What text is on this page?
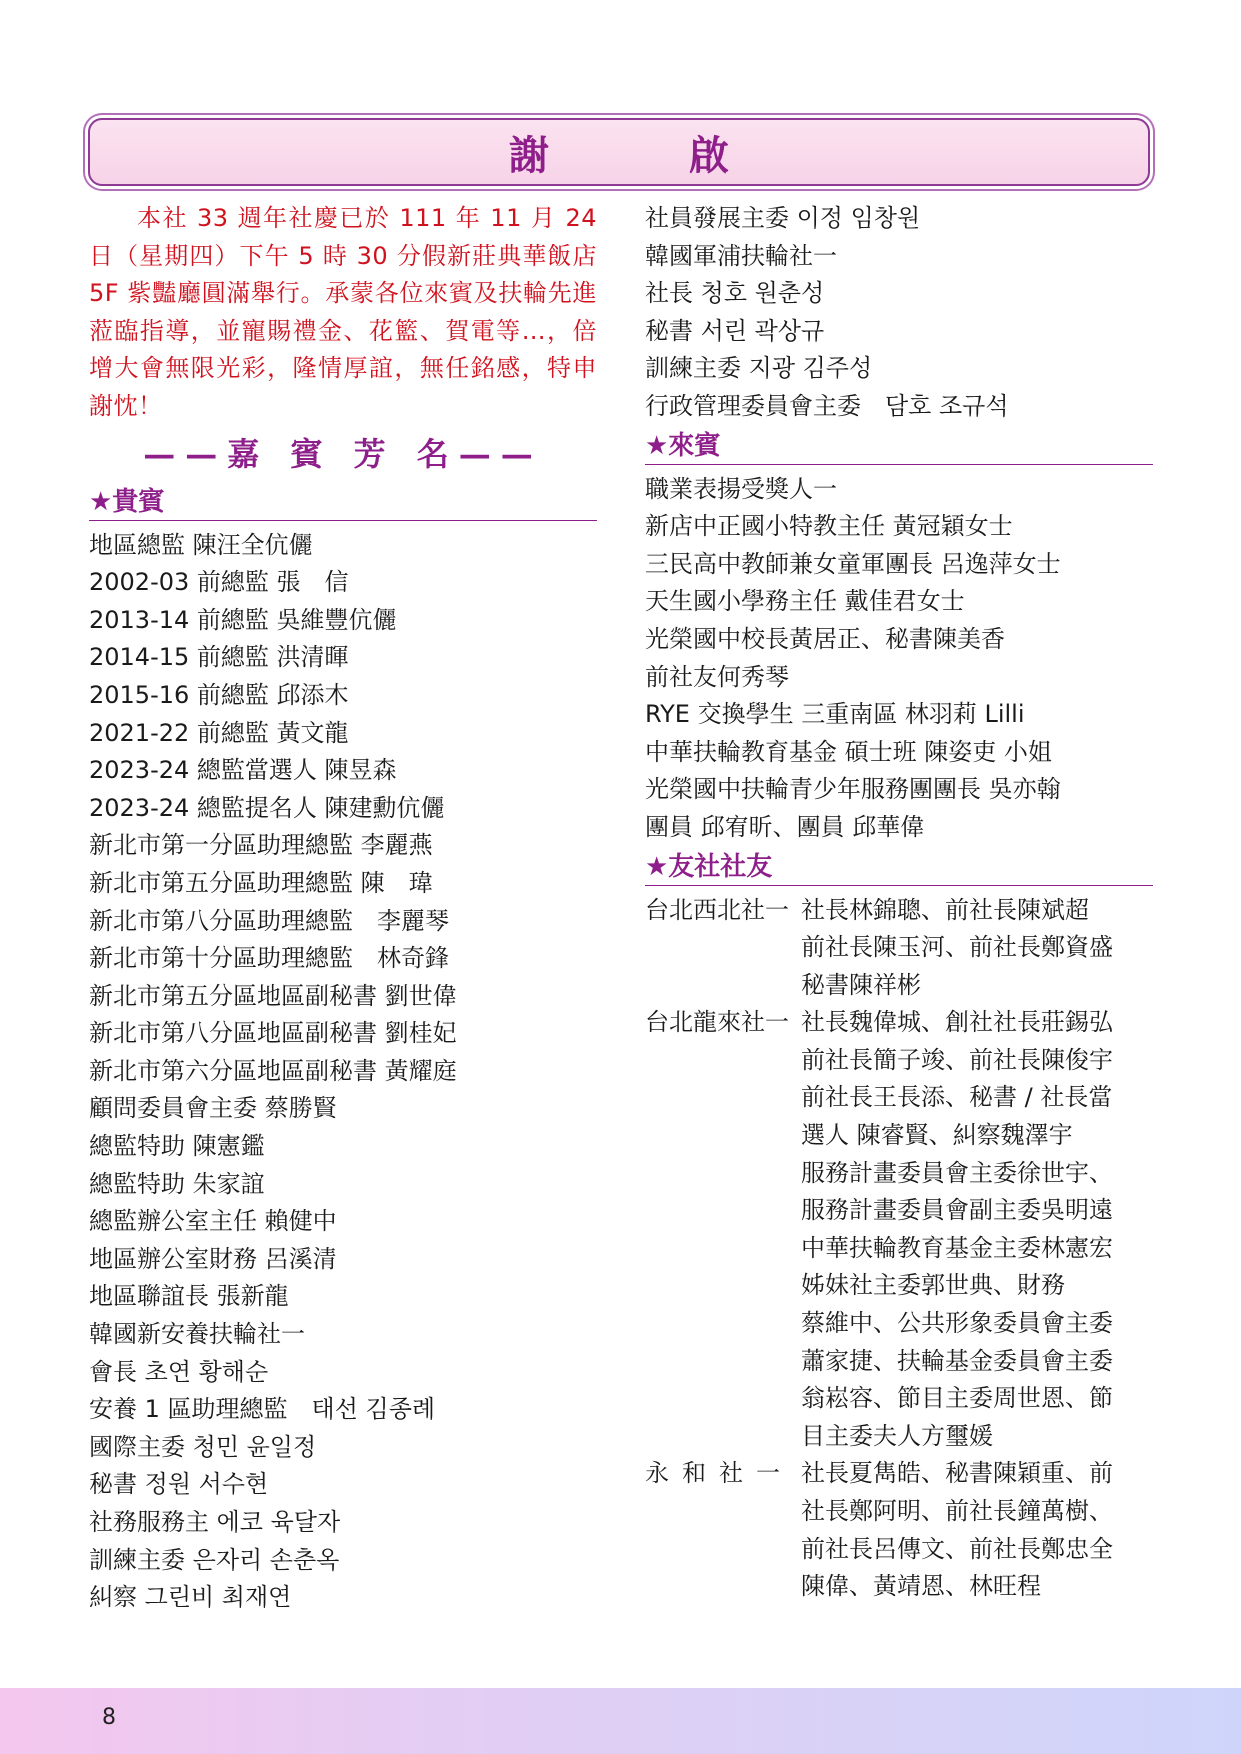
謝	啟

本社 33 週年社慶已於 111 年 11 月 24 日（星期四）下午 5 時 30 分假新莊典華飯店 5F 紫豔廳圓滿舉行。承蒙各位來賓及扶輪先進蒞臨指導，並寵賜禮金、花籃、賀電等…，倍增大會無限光彩，隆情厚誼，無任銘感，特申謝忱！

——嘉 賓 芳 名——
★貴賓
地區總監 陳汪全伉儷
2002-03 前總監 張　信
2013-14 前總監 吳維豐伉儷
2014-15 前總監 洪清暉
2015-16 前總監 邱添木
2021-22 前總監 黃文龍
2023-24 總監當選人 陳昱森
2023-24 總監提名人 陳建勳伉儷
新北市第一分區助理總監 李麗燕
新北市第五分區助理總監 陳　瑋
新北市第八分區助理總監　李麗琴
新北市第十分區助理總監　林奇鋒
新北市第五分區地區副秘書 劉世偉
新北市第八分區地區副秘書 劉桂妃
新北市第六分區地區副秘書 黃耀庭
顧問委員會主委 蔡勝賢
總監特助 陳憲鑑
總監特助 朱家誼
總監辦公室主任 賴健中
地區辦公室財務 呂溪清
地區聯誼長 張新龍
韓國新安養扶輪社一
會長 초연 황해순
安養 1 區助理總監　태선 김종례
國際主委 청민 윤일정
秘書 정원 서수현
社務服務主 에코 육달자
訓練主委 은자리 손춘옥
糾察 그린비 최재연
社員發展主委 이정 임창원
韓國軍浦扶輪社一
社長 청호 원춘성
秘書 서린 곽상규
訓練主委 지광 김주성
行政管理委員會主委　담호 조규석
★來賓
職業表揚受獎人一
新店中正國小特教主任 黃冠穎女士
三民高中教師兼女童軍團長 呂逸萍女士
天生國小學務主任 戴佳君女士
光榮國中校長黃居正、秘書陳美香
前社友何秀琴
RYE 交換學生 三重南區 林羽莉 Lilli
中華扶輪教育基金 碩士班 陳姿吏 小姐
光榮國中扶輪青少年服務團團長 吳亦翰
團員 邱宥昕、團員 邱華偉
★友社社友
台北西北社一 社長林錦聰、前社長陳斌超
前社長陳玉河、前社長鄭資盛
秘書陳祥彬
台北龍來社一 社長魏偉城、創社社長莊錫弘
前社長簡子竣、前社長陳俊宇
前社長王長添、秘書 / 社長當
選人 陳睿賢、糾察魏澤宇
服務計畫委員會主委徐世宇、
服務計畫委員會副主委吳明遠
中華扶輪教育基金主委林憲宏
姊妹社主委郭世典、財務
蔡維中、公共形象委員會主委
蕭家捷、扶輪基金委員會主委
翁崧容、節目主委周世恩、節
目主委夫人方璽媛
永和社一 社長夏雋皓、秘書陳穎重、前
社長鄭阿明、前社長鐘萬樹、
前社長呂傳文、前社長鄭忠全
陳偉、黃靖恩、林旺程
8
